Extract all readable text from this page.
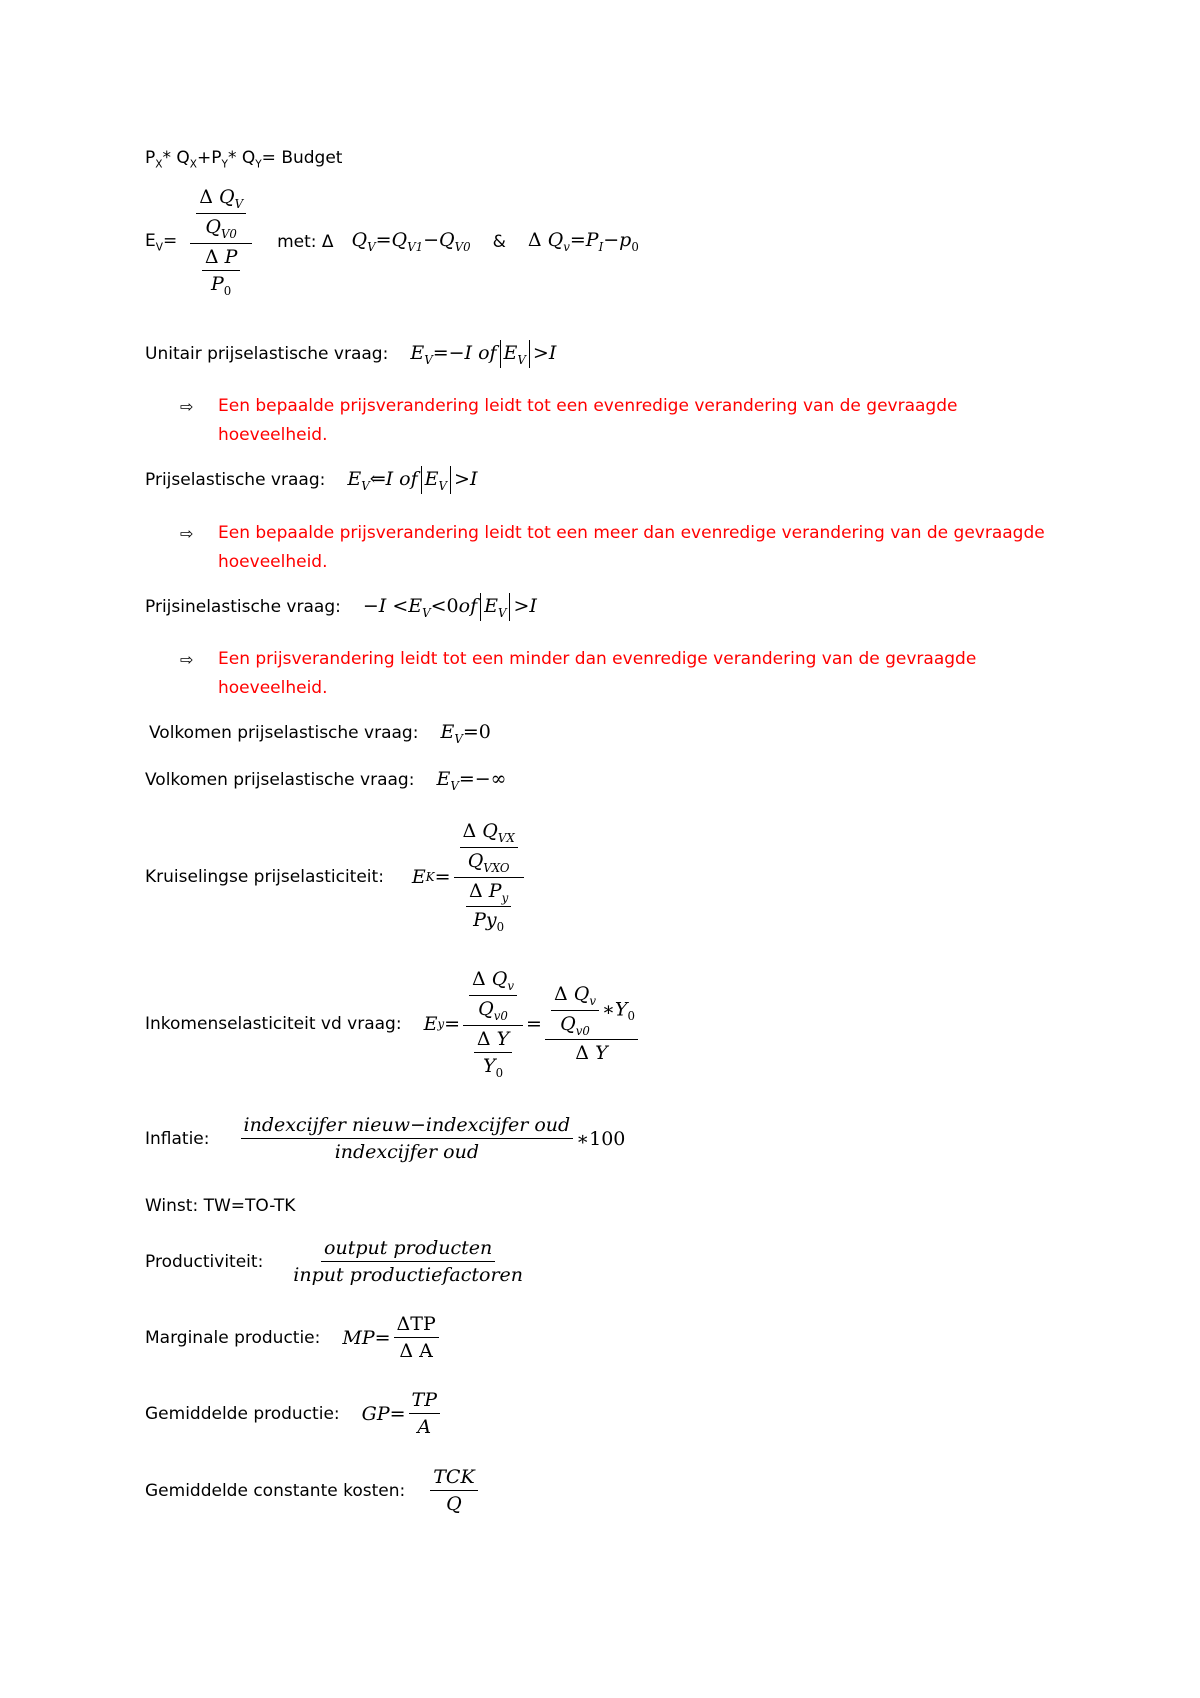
$P_X*$ $Q_X+P_Y*$ $Q_Y=$ Budget
$E_V= \frac{\frac{\Delta Q_V}{Q_{V0}}}{\frac{\text{Δ P}}{P_0}}$ met: Δ $Q_V=Q_{V1}-Q_{V0}$ & Δ $Q_v=P_I-p_0$
Unitair prijselastische vraag: $E_V=-I$ of $E_V >I$
⇨	Een bepaalde prijsverandering leidt tot een evenredige verandering van de gevraagde hoeveelheid.
Prijselastische vraag: $E_V⇐I$ of $E_V >I$
⇨	Een bepaalde prijsverandering leidt tot een meer dan evenredige verandering van de gevraagde hoeveelheid.
Prijsinelastische vraag: $-I <E_V<0of$ $E_V >I$
⇨	Een prijsverandering leidt tot een minder dan evenredige verandering van de gevraagde hoeveelheid.
Volkomen prijselastische vraag: $E_V=0$
Volkomen prijselastische vraag: $E_V=-\infty$
Kruiselingse prijselasticiteit: E $K = \frac{\frac{\Delta Q_{VX}}{Q_{VXO}}}{\frac{\Delta P_y}{Py_0}}$
Inkomenselasticiteit vd vraag: E $y = \frac{\frac{\Delta Q_v}{Q_{v0}}}{\frac{\text{Δ Y}}{Y_0}} = \frac{\frac{\Delta Q_v}{Q_{v0}} ∗Y_0}{\text{Δ Y}}$
Inflatie: $\frac{\text{indexcijfer nieuw−indexcijfer oud}}{\text{indexcijfer oud}}$ ∗100
Winst: TW=TO-TK
Productiviteit: $\frac{\text{output producten}}{\text{input productiefactoren}}$
Marginale productie: MP = $\frac{\text{ΔTP}}{\text{Δ A}}$
Gemiddelde productie: GP = $\frac{TP}{A}$
Gemiddelde constante kosten: $\frac{\text{TCK}}{Q}$
